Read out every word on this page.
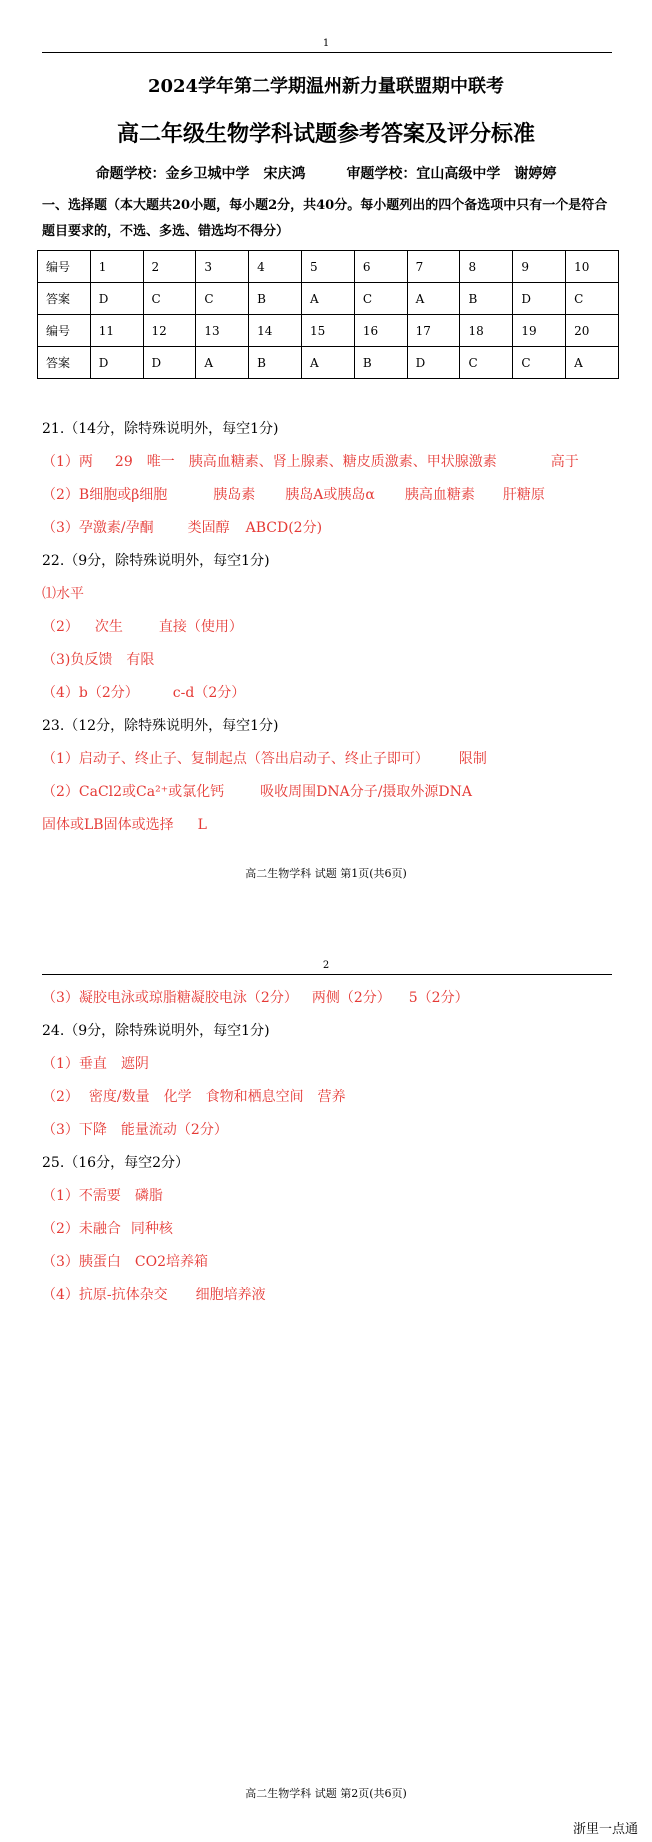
1
2024学年第二学期温州新力量联盟期中联考
高二年级生物学科试题参考答案及评分标准
命题学校：金乡卫城中学　宋庆鸿	审题学校：宜山高级中学　谢婷婷
一、选择题（本大题共20小题，每小题2分，共40分。每小题列出的四个备选项中只有一个是符合题目要求的，不选、多选、错选均不得分）
编号	1	2	3	4	5	6	7	8	9	10
答案	D	C	C	B	A	C	A	B	D	C
编号	11	12	13	14	15	16	17	18	19	20
答案	D	D	A	B	A	B	D	C	C	A
21.（14分，除特殊说明外，每空1分)
（1）两 29 唯一 胰高血糖素、肾上腺素、糖皮质激素、甲状腺激素	高于
（2）B细胞或β细胞	胰岛素 胰岛A或胰岛α 胰高血糖素 肝糖原
（3）孕激素/孕酮 类固醇 ABCD(2分)
22.（9分，除特殊说明外，每空1分)
⑴水平
（2） 次生	直接（使用）
（3)负反馈 有限
（4）b（2分） c-d（2分）
23.（12分，除特殊说明外，每空1分)
（1）启动子、终止子、复制起点（答出启动子、终止子即可） 限制
（2）CaCl2或Ca²⁺或氯化钙	吸收周围DNA分子/摄取外源DNA
固体或LB固体或选择 L
高二生物学科 试题 第1页(共6页)
2
（3）凝胶电泳或琼脂糖凝胶电泳（2分） 两侧（2分） 5（2分）
24.（9分，除特殊说明外，每空1分)
（1）垂直 遮阴
（2） 密度/数量 化学 食物和栖息空间 营养
（3）下降 能量流动（2分）
25.（16分，每空2分）
（1）不需要 磷脂
（2）未融合 同种核
（3）胰蛋白 CO2培养箱
（4）抗原-抗体杂交 细胞培养液
高二生物学科 试题 第2页(共6页)
浙里一点通
